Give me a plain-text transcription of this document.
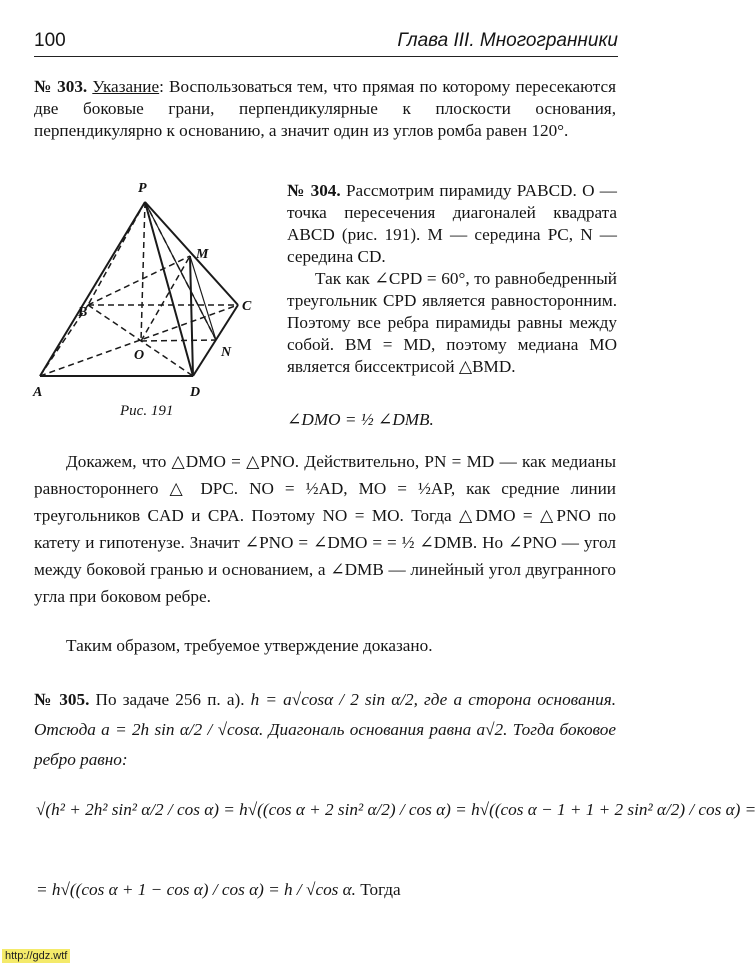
100	Глава III. Многогранники
№ 303. Указание: Воспользоваться тем, что прямая по которому пересекаются две боковые грани, перпендикулярные к плоскости основания, перпендикулярно к основанию, а значит один из углов ромба равен 120°.
P
M
B	C
O	N
A	D
Рис. 191
№ 304. Рассмотрим пирамиду PABCD. O — точка пересечения диагоналей квадрата ABCD (рис. 191). M — середина PC, N — середина CD.
Так как ∠CPD = 60°, то равнобедренный треугольник CPD является равносторонним. Поэтому все ребра пирамиды равны между собой. BM = MD, поэтому медиана MO является биссектрисой △BMD.
∠DMO = ½ ∠DMB.
Докажем, что △DMO = △PNO. Действительно, PN = MD — как медианы равностороннего △ DPC. NO = ½AD, MO = ½AP, как средние линии треугольников CAD и CPA. Поэтому NO = MO. Тогда △DMO = △PNO по катету и гипотенузе. Значит ∠PNO = ∠DMO = = ½ ∠DMB. Но ∠PNO — угол между боковой гранью и основанием, а ∠DMB — линейный угол двугранного угла при боковом ребре.
Таким образом, требуемое утверждение доказано.
№ 305. По задаче 256 п. а). h = a√cosα / 2 sin α/2, где a сторона основания. Отсюда a = 2h sin α/2 / √cosα. Диагональ основания равна a√2. Тогда боковое ребро равно:
√(h² + 2h² sin² α/2 / cos α) = h√((cos α + 2 sin² α/2) / cos α) = h√((cos α − 1 + 1 + 2 sin² α/2) / cos α) =
= h√((cos α + 1 − cos α) / cos α) = h / √cos α. Тогда
http://gdz.wtf
